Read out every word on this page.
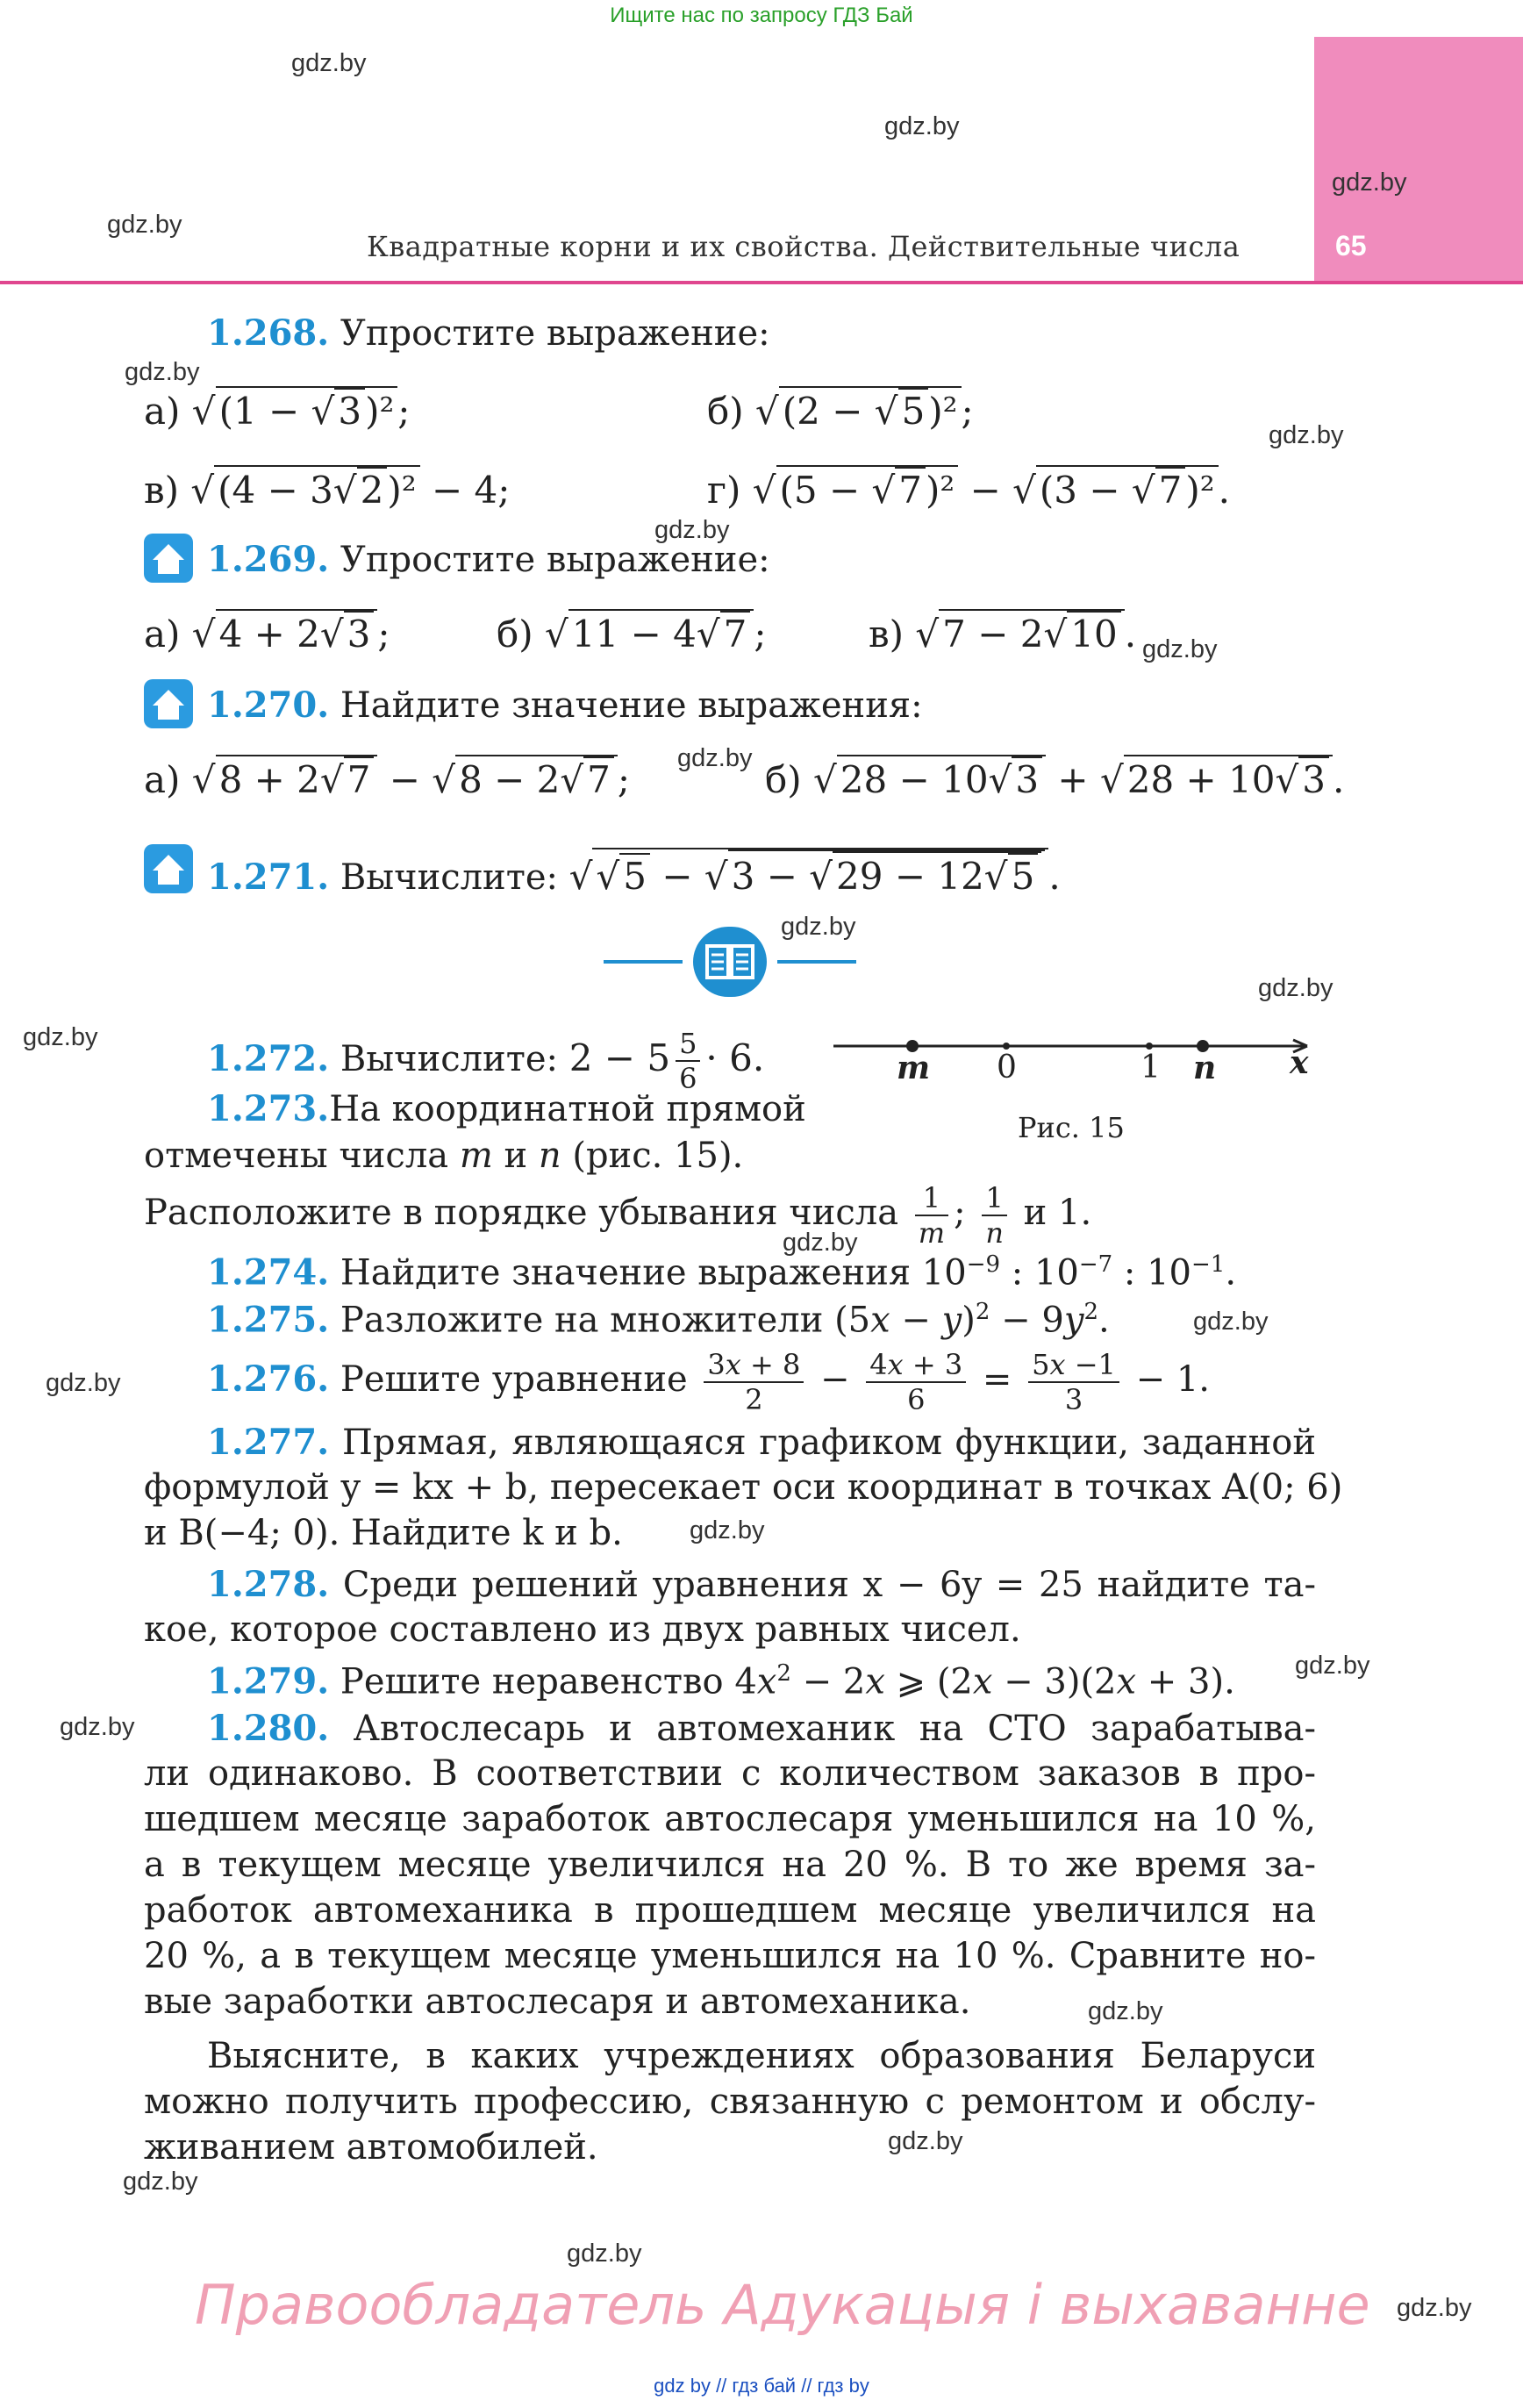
Ищите нас по запросу ГДЗ Бай
Квадратные корни и их свойства. Действительные числа	65
gdz.by
gdz.by
gdz.by
gdz.by
gdz.by
gdz.by
gdz.by
gdz.by
gdz.by
gdz.by
gdz.by
gdz.by
gdz.by
gdz.by
gdz.by
gdz.by
gdz.by
gdz.by
gdz.by
gdz.by
gdz.by
gdz.by
gdz.by
1.268. Упростите выражение:
а) √(1 − √3)²;	б) √(2 − √5)²;
в) √(4 − 3√2)² − 4;	г) √(5 − √7)² − √(3 − √7)².
1.269. Упростите выражение:
а) √4 + 2√3 ;	б) √11 − 4√7 ;	в) √7 − 2√10 .
1.270. Найдите значение выражения:
а) √8 + 2√7 − √8 − 2√7 ;	б) √28 − 10√3 + √28 + 10√3 .
1.271. Вычислите: √√5 − √3 − √29 − 12√5 .
1.272. Вычислите: $2 - 5 \frac{5}{6} \cdot 6$.	m 0	1 n x
Рис. 15
1.273.На координатной прямой
отмечены числа m и n (рис. 15).
Расположите в порядке убывания числа $\frac{1}{m}$ ; $\frac{1}{n}$ и 1.
1.274. Найдите значение выражения $10^{-9}$ : $10^{-7}$ : $10^{-1}$.
1.275. Разложите на множители $(5x - y)^2 - 9y^2$.
1.276. Решите уравнение $\frac{3x + 8}{2} - \frac{4x + 3}{6} = \frac{5x -1}{3} - 1$.
1.277. Прямая, являющаяся графиком функции, заданной
формулой y = kx + b, пересекает оси координат в точках A(0; 6)
и B(−4; 0). Найдите k и b.
1.278. Среди решений уравнения x − 6y = 25 найдите та-
кое, которое составлено из двух равных чисел.
1.279. Решите неравенство $4x^2 - 2x$ ⩾ (2x − 3)(2x + 3).
1.280. Автослесарь и автомеханик на СТО зарабатыва-
ли одинаково. В соответствии с количеством заказов в про-
шедшем месяце заработок автослесаря уменьшился на 10 %,
а в текущем месяце увеличился на 20 %. В то же время за-
работок автомеханика в прошедшем месяце увеличился на
20 %, а в текущем месяце уменьшился на 10 %. Сравните но-
вые заработки автослесаря и автомеханика.
Выясните, в каких учреждениях образования Беларуси
можно получить профессию, связанную с ремонтом и обслу-
живанием автомобилей.
Правообладатель Адукацыя і выхаванне
gdz by // гдз бай // гдз by
